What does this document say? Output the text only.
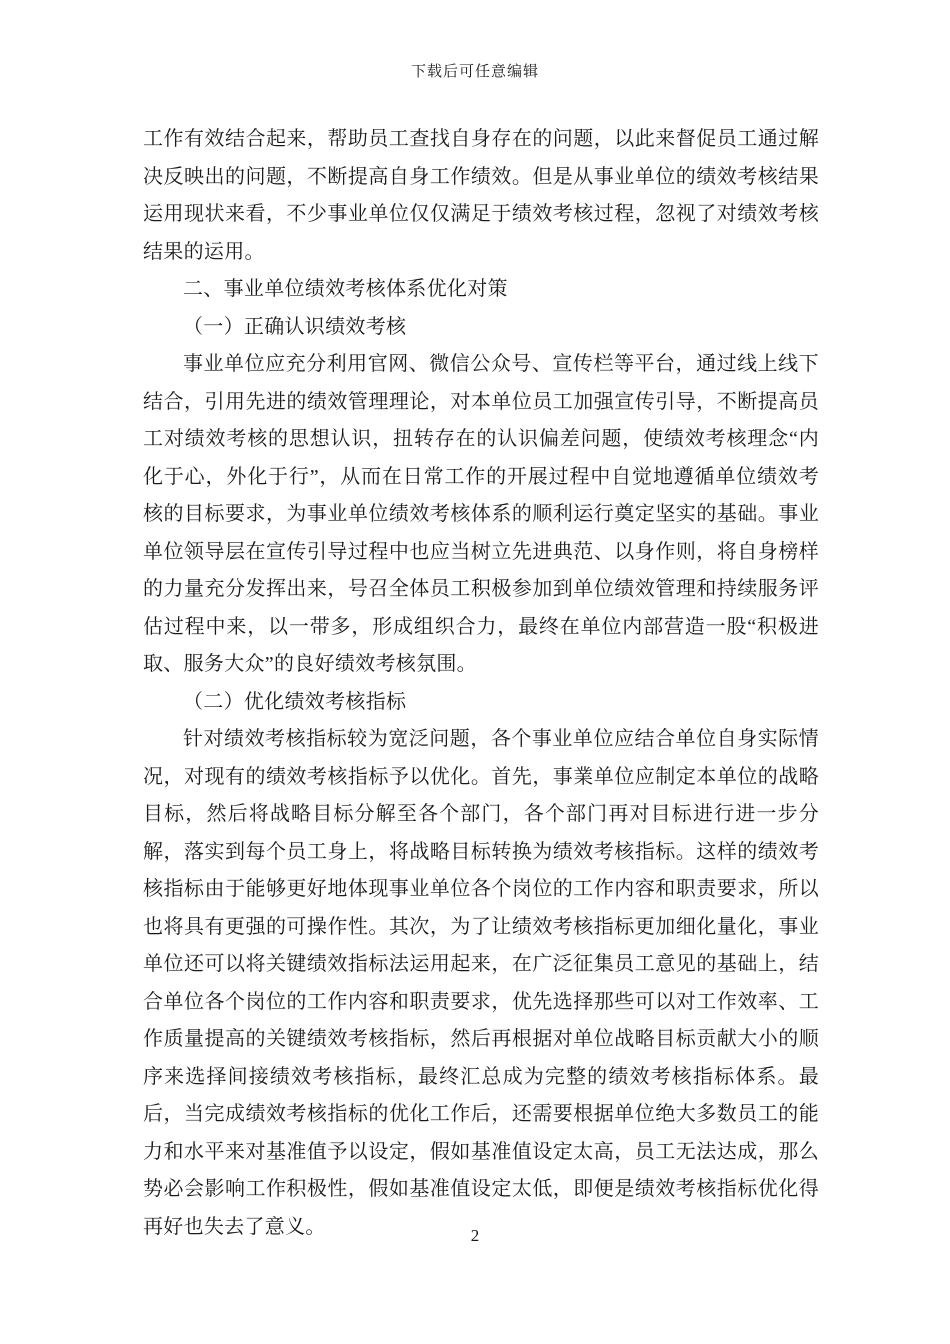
下载后可任意编辑

工作有效结合起来，帮助员工查找自身存在的问题，以此来督促员工通过解决反映出的问题，不断提高自身工作绩效。但是从事业单位的绩效考核结果运用现状来看，不少事业单位仅仅满足于绩效考核过程，忽视了对绩效考核结果的运用。

二、事业单位绩效考核体系优化对策

（一）正确认识绩效考核

事业单位应充分利用官网、微信公众号、宣传栏等平台，通过线上线下结合，引用先进的绩效管理理论，对本单位员工加强宣传引导，不断提高员工对绩效考核的思想认识，扭转存在的认识偏差问题，使绩效考核理念“内化于心，外化于行”，从而在日常工作的开展过程中自觉地遵循单位绩效考核的目标要求，为事业单位绩效考核体系的顺利运行奠定坚实的基础。事业单位领导层在宣传引导过程中也应当树立先进典范、以身作则，将自身榜样的力量充分发挥出来，号召全体员工积极参加到单位绩效管理和持续服务评估过程中来，以一带多，形成组织合力，最终在单位内部营造一股“积极进取、服务大众”的良好绩效考核氛围。

（二）优化绩效考核指标

针对绩效考核指标较为宽泛问题，各个事业单位应结合单位自身实际情况，对现有的绩效考核指标予以优化。首先，事業单位应制定本单位的战略目标，然后将战略目标分解至各个部门，各个部门再对目标进行进一步分解，落实到每个员工身上，将战略目标转换为绩效考核指标。这样的绩效考核指标由于能够更好地体现事业单位各个岗位的工作内容和职责要求，所以也将具有更强的可操作性。其次，为了让绩效考核指标更加细化量化，事业单位还可以将关键绩效指标法运用起来，在广泛征集员工意见的基础上，结合单位各个岗位的工作内容和职责要求，优先选择那些可以对工作效率、工作质量提高的关键绩效考核指标，然后再根据对单位战略目标贡献大小的顺序来选择间接绩效考核指标，最终汇总成为完整的绩效考核指标体系。最后，当完成绩效考核指标的优化工作后，还需要根据单位绝大多数员工的能力和水平来对基准值予以设定，假如基准值设定太高，员工无法达成，那么势必会影响工作积极性，假如基准值设定太低，即便是绩效考核指标优化得再好也失去了意义。	2
